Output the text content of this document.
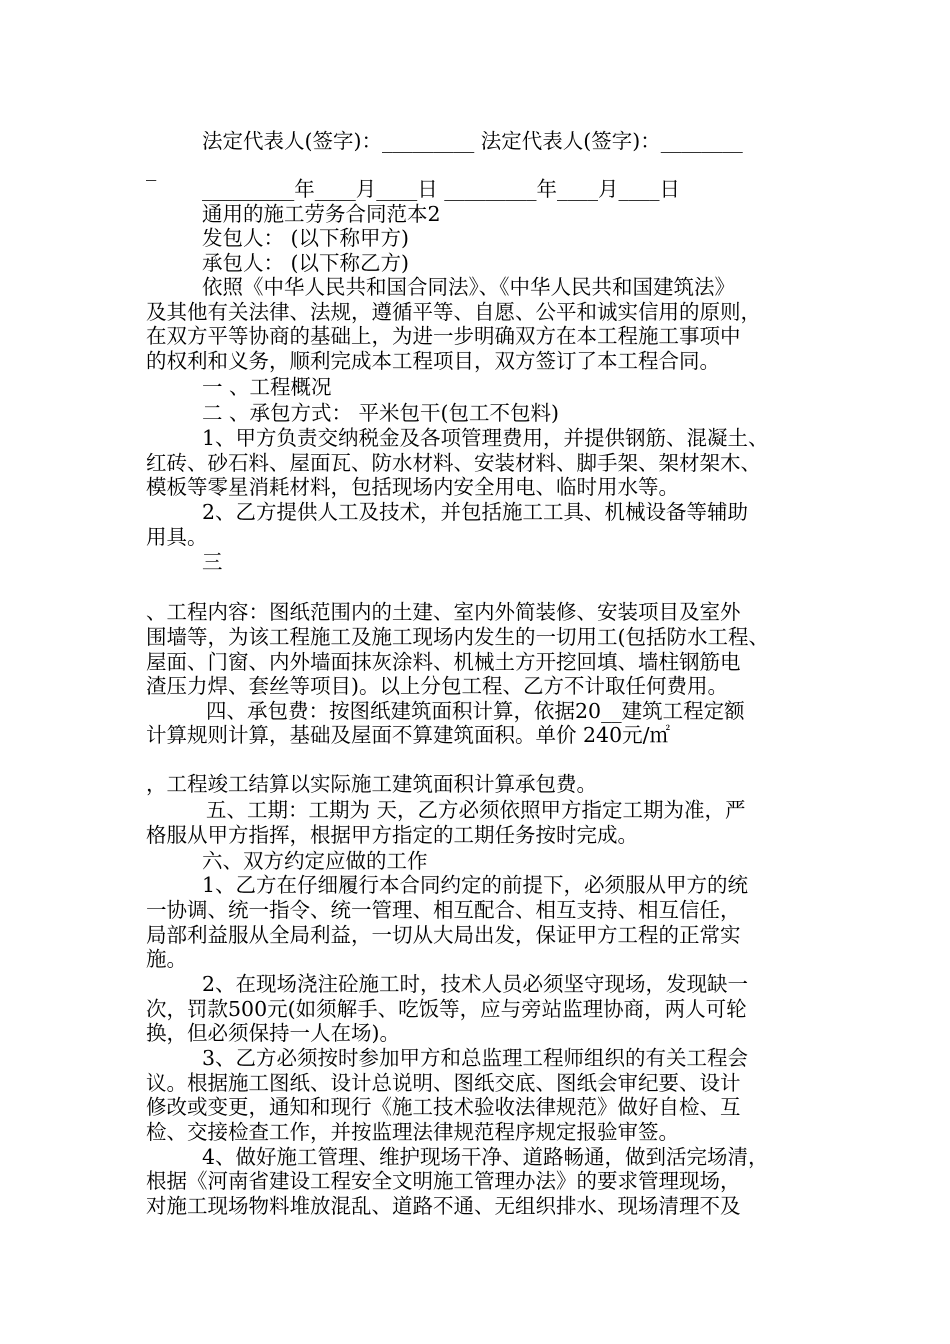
法定代表人(签字)：_________ 法定代表人(签字)：________
_
_________年____月____日 _________年____月____日
通用的施工劳务合同范本2
发包人： (以下称甲方)
承包人： (以下称乙方)
依照《中华人民共和国合同法》、《中华人民共和国建筑法》
及其他有关法律、法规，遵循平等、自愿、公平和诚实信用的原则，
在双方平等协商的基础上，为进一步明确双方在本工程施工事项中
的权利和义务，顺利完成本工程项目，双方签订了本工程合同。
一 、工程概况
二 、承包方式： 平米包干(包工不包料)
1、甲方负责交纳税金及各项管理费用，并提供钢筋、混凝土、
红砖、砂石料、屋面瓦、防水材料、安装材料、脚手架、架材架木、
模板等零星消耗材料，包括现场内安全用电、临时用水等。
2、乙方提供人工及技术，并包括施工工具、机械设备等辅助
用具。
三
、工程内容：图纸范围内的土建、室内外简装修、安装项目及室外
围墙等，为该工程施工及施工现场内发生的一切用工(包括防水工程、
屋面、门窗、内外墙面抹灰涂料、机械土方开挖回填、墙柱钢筋电
渣压力焊、套丝等项目)。以上分包工程、乙方不计取任何费用。
四、承包费：按图纸建筑面积计算，依据20__建筑工程定额
计算规则计算，基础及屋面不算建筑面积。单价 240元/㎡
，工程竣工结算以实际施工建筑面积计算承包费。
五、工期：工期为 天，乙方必须依照甲方指定工期为准，严
格服从甲方指挥，根据甲方指定的工期任务按时完成。
六、双方约定应做的工作
1、乙方在仔细履行本合同约定的前提下，必须服从甲方的统
一协调、统一指令、统一管理、相互配合、相互支持、相互信任，
局部利益服从全局利益，一切从大局出发，保证甲方工程的正常实
施。
2、在现场浇注砼施工时，技术人员必须坚守现场，发现缺一
次，罚款500元(如须解手、吃饭等，应与旁站监理协商，两人可轮
换，但必须保持一人在场)。
3、乙方必须按时参加甲方和总监理工程师组织的有关工程会
议。根据施工图纸、设计总说明、图纸交底、图纸会审纪要、设计
修改或变更，通知和现行《施工技术验收法律规范》做好自检、互
检、交接检查工作，并按监理法律规范程序规定报验审签。
4、做好施工管理、维护现场干净、道路畅通，做到活完场清，
根据《河南省建设工程安全文明施工管理办法》的要求管理现场，
对施工现场物料堆放混乱、道路不通、无组织排水、现场清理不及
